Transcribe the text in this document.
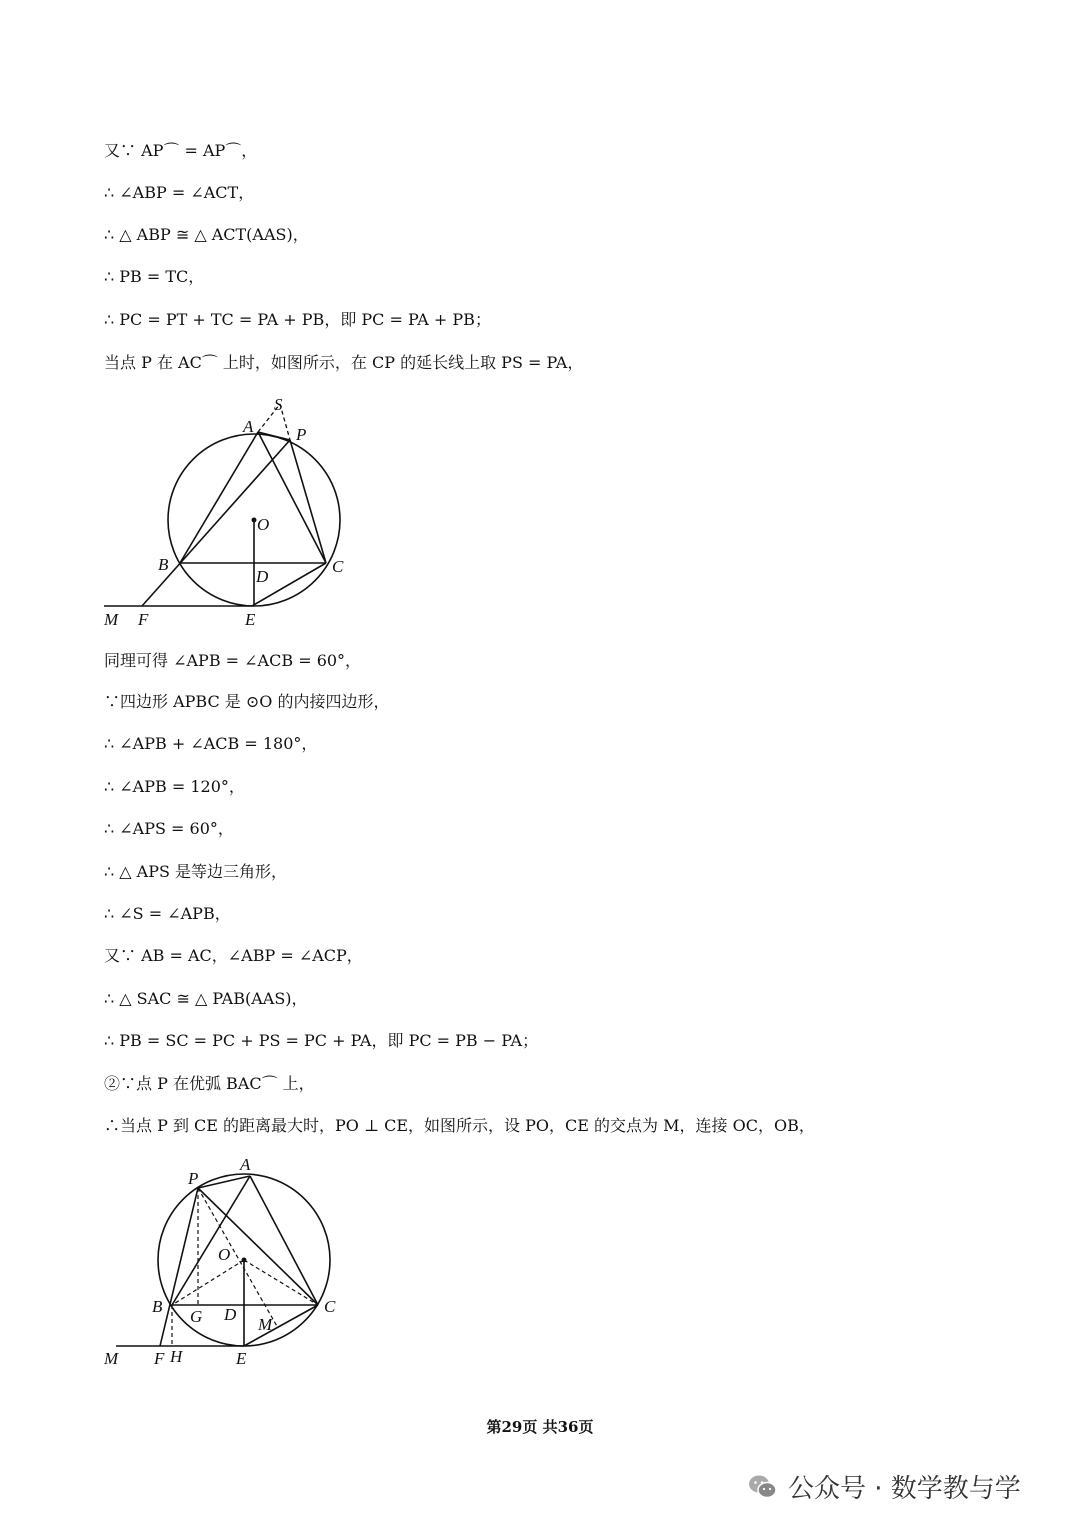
又∵ AP⌒ = AP⌒，
∴ ∠ABP = ∠ACT，
∴ △ ABP ≅ △ ACT(AAS)，
∴ PB = TC，
∴ PC = PT + TC = PA + PB，即 PC = PA + PB；
当点 P 在 AC⌒ 上时，如图所示，在 CP 的延长线上取 PS = PA，
S
A	P
O
B	C
D
M F	E
同理可得 ∠APB = ∠ACB = 60°，
∵四边形 APBC 是 ⊙O 的内接四边形，
∴ ∠APB + ∠ACB = 180°，
∴ ∠APB = 120°，
∴ ∠APS = 60°，
∴ △ APS 是等边三角形，
∴ ∠S = ∠APB，
又∵ AB = AC，∠ABP = ∠ACP，
∴ △ SAC ≅ △ PAB(AAS)，
∴ PB = SC = PC + PS = PC + PA，即 PC = PB − PA；
②∵点 P 在优弧 BAC⌒ 上，
∴当点 P 到 CE 的距离最大时，PO ⊥ CE，如图所示，设 PO，CE 的交点为 M，连接 OC，OB，
P
A
O
B
G D
M
C
M F H	E
第29页 共36页
公众号 · 数学教与学
